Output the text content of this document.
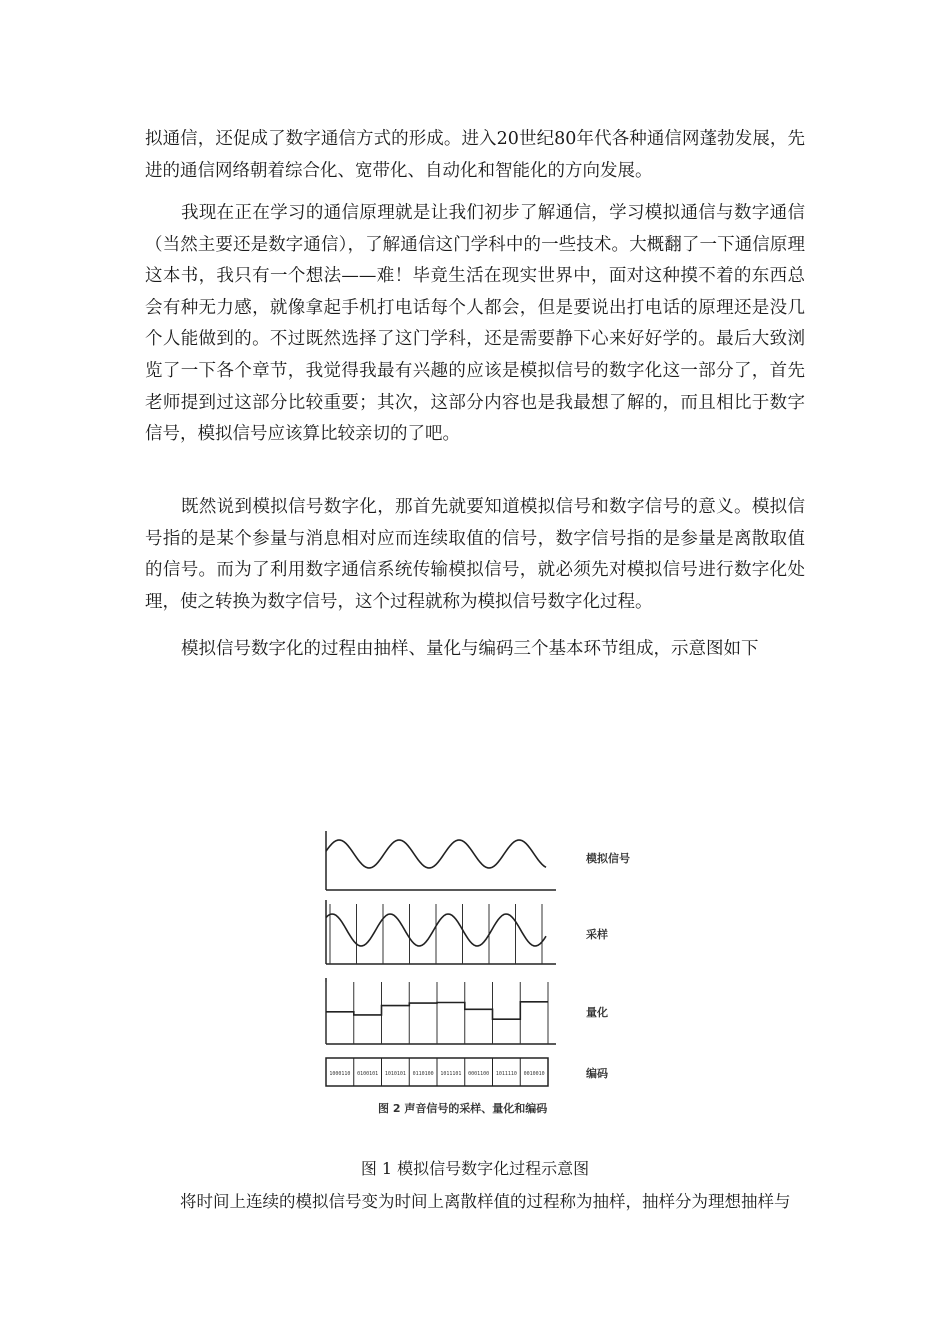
拟通信，还促成了数字通信方式的形成。进入20世纪80年代各种通信网蓬勃发展，先进的通信网络朝着综合化、宽带化、自动化和智能化的方向发展。

我现在正在学习的通信原理就是让我们初步了解通信，学习模拟通信与数字通信（当然主要还是数字通信），了解通信这门学科中的一些技术。大概翻了一下通信原理这本书，我只有一个想法——难！毕竟生活在现实世界中，面对这种摸不着的东西总会有种无力感，就像拿起手机打电话每个人都会，但是要说出打电话的原理还是没几个人能做到的。不过既然选择了这门学科，还是需要静下心来好好学的。最后大致浏览了一下各个章节，我觉得我最有兴趣的应该是模拟信号的数字化这一部分了，首先老师提到过这部分比较重要；其次，这部分内容也是我最想了解的，而且相比于数字信号，模拟信号应该算比较亲切的了吧。

既然说到模拟信号数字化，那首先就要知道模拟信号和数字信号的意义。模拟信号指的是某个参量与消息相对应而连续取值的信号，数字信号指的是参量是离散取值的信号。而为了利用数字通信系统传输模拟信号，就必须先对模拟信号进行数字化处理，使之转换为数字信号，这个过程就称为模拟信号数字化过程。

模拟信号数字化的过程由抽样、量化与编码三个基本环节组成，示意图如下

模拟信号
采样
量化
1000110 0100101 1010101 0110100 1011101 0001100 1011110 0010010	编码
图 2 声音信号的采样、量化和编码
图 1 模拟信号数字化过程示意图

将时间上连续的模拟信号变为时间上离散样值的过程称为抽样，抽样分为理想抽样与
